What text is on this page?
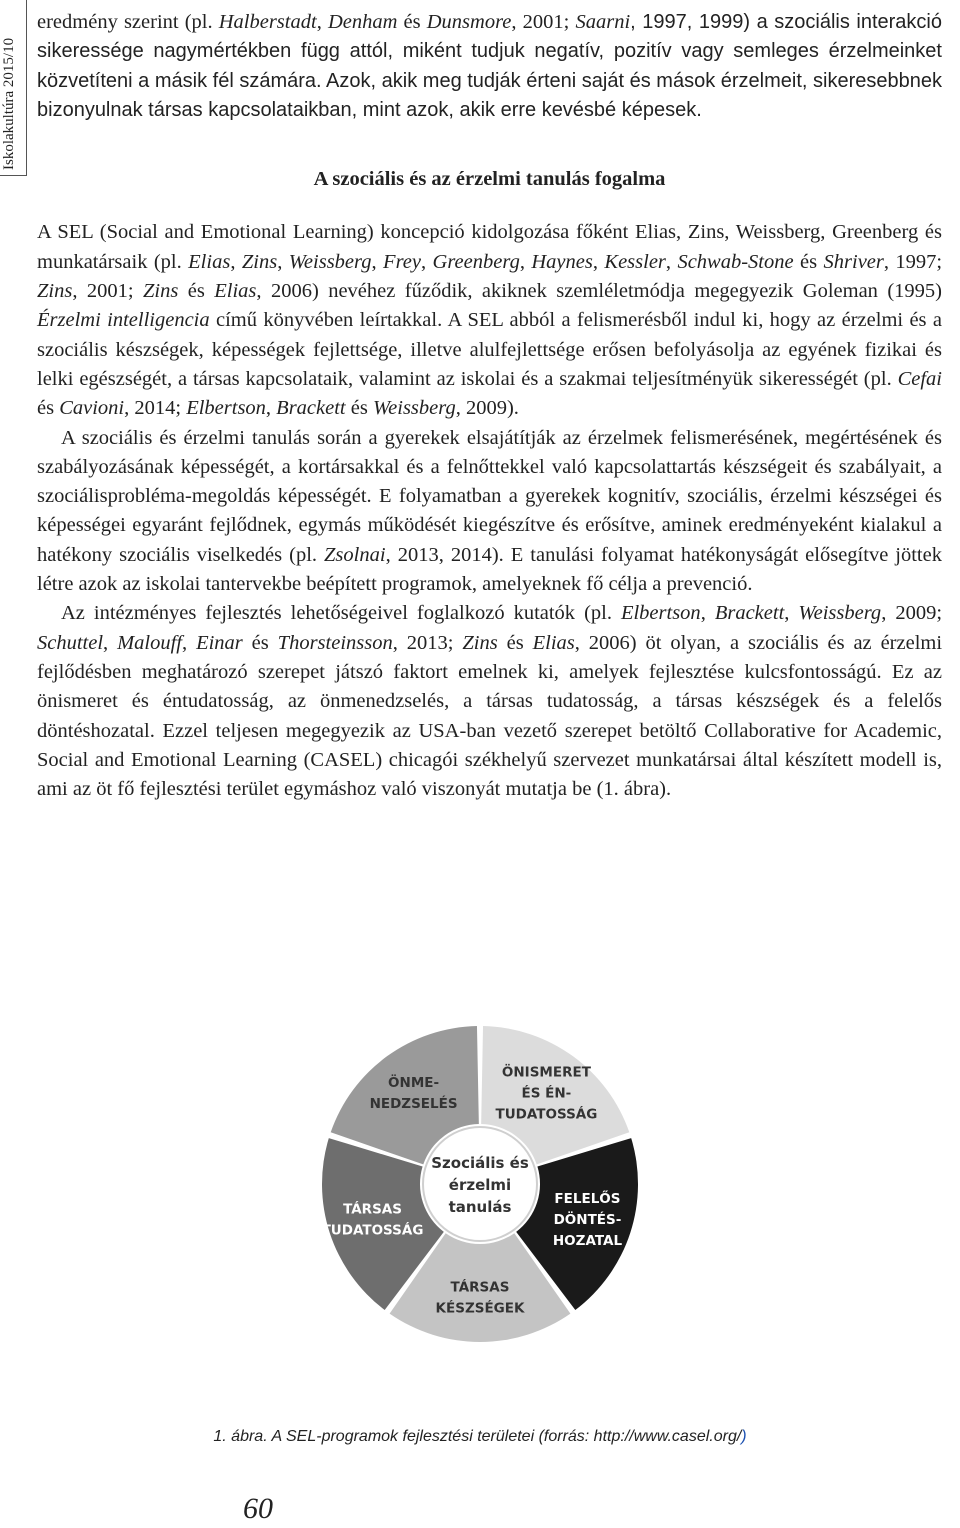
Iskolakultúra 2015/10

eredmény szerint (pl. Halberstadt, Denham és Dunsmore, 2001; Saarni, 1997, 1999) a szociális interakció sikeressége nagymértékben függ attól, miként tudjuk negatív, pozitív vagy semleges érzelmeinket közvetíteni a másik fél számára. Azok, akik meg tudják érteni saját és mások érzelmeit, sikeresebbnek bizonyulnak társas kapcsolataikban, mint azok, akik erre kevésbé képesek.

A szociális és az érzelmi tanulás fogalma

A SEL (Social and Emotional Learning) koncepció kidolgozása főként Elias, Zins, Weissberg, Greenberg és munkatársaik (pl. Elias, Zins, Weissberg, Frey, Greenberg, Haynes, Kessler, Schwab-Stone és Shriver, 1997; Zins, 2001; Zins és Elias, 2006) nevéhez fűződik, akiknek szemléletmódja megegyezik Goleman (1995) Érzelmi intelligencia című könyvében leírtakkal. A SEL abból a felismerésből indul ki, hogy az érzelmi és a szociális készségek, képességek fejlettsége, illetve alulfejlettsége erősen befolyásolja az egyének fizikai és lelki egészségét, a társas kapcsolataik, valamint az iskolai és a szakmai teljesítményük sikerességét (pl. Cefai és Cavioni, 2014; Elbertson, Brackett és Weissberg, 2009).

A szociális és érzelmi tanulás során a gyerekek elsajátítják az érzelmek felismerésének, megértésének és szabályozásának képességét, a kortársakkal és a felnőttekkel való kapcsolattartás készségeit és szabályait, a szociálisprobléma-megoldás képességét. E folyamatban a gyerekek kognitív, szociális, érzelmi készségei és képességei egyaránt fejlődnek, egymás működését kiegészítve és erősítve, aminek eredményeként kialakul a hatékony szociális viselkedés (pl. Zsolnai, 2013, 2014). E tanulási folyamat hatékonyságát elősegítve jöttek létre azok az iskolai tantervekbe beépített programok, amelyeknek fő célja a prevenció.

Az intézményes fejlesztés lehetőségeivel foglalkozó kutatók (pl. Elbertson, Brackett, Weissberg, 2009; Schuttel, Malouff, Einar és Thorsteinsson, 2013; Zins és Elias, 2006) öt olyan, a szociális és az érzelmi fejlődésben meghatározó szerepet játszó faktort emelnek ki, amelyek fejlesztése kulcsfontosságú. Ez az önismeret és éntudatosság, az önmenedzselés, a társas tudatosság, a társas készségek és a felelős döntéshozatal. Ezzel teljesen megegyezik az USA-ban vezető szerepet betöltő Collaborative for Academic, Social and Emotional Learning (CASEL) chicagói székhelyű szervezet munkatársai által készített modell is, ami az öt fő fejlesztési terület egymáshoz való viszonyát mutatja be (1. ábra).

ÖNISMERET
ÉS ÉN-
TUDATOSSÁG
FELELŐS
DÖNTÉS-
HOZATAL
TÁRSAS
KÉSZSÉGEK
TÁRSAS
TUDATOSSÁG
ÖNME-
NEDZSELÉS
Szociális és
érzelmi
tanulás
1. ábra. A SEL-programok fejlesztési területei (forrás: http://www.casel.org/)
60
